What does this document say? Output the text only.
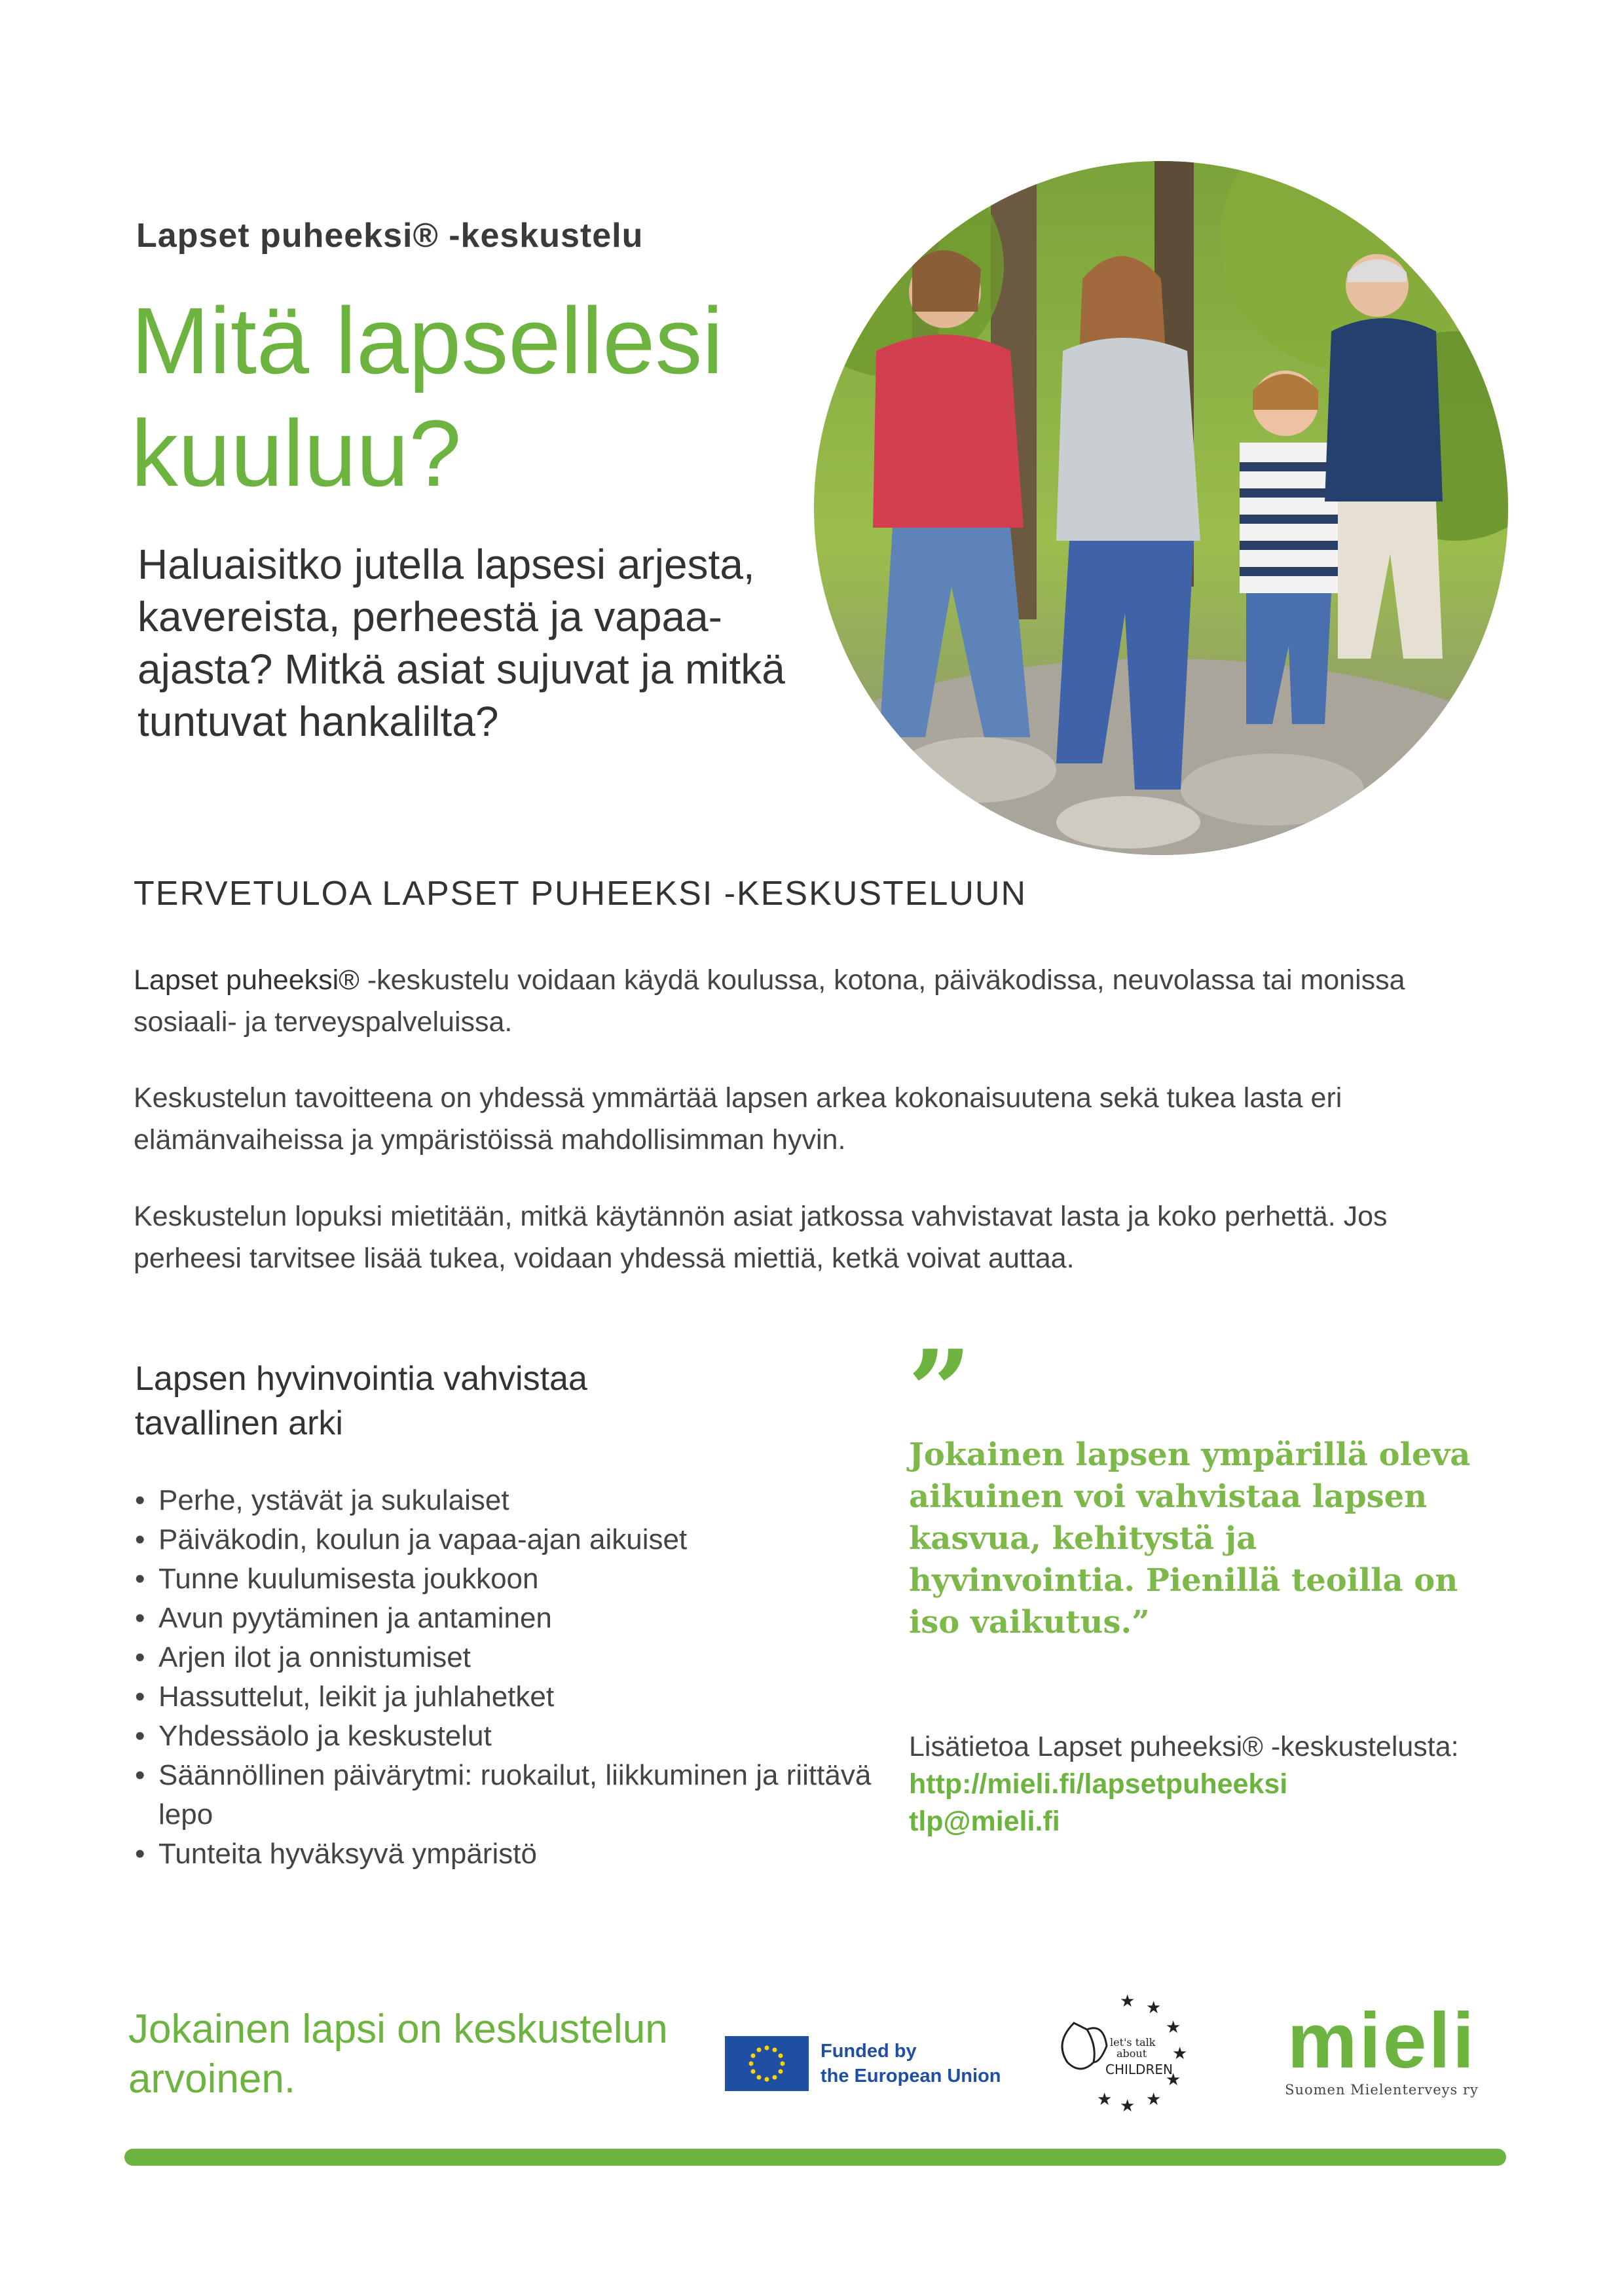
Lapset puheeksi® -keskustelu
Mitä lapsellesi kuuluu?
Haluaisitko jutella lapsesi arjesta, kavereista, perheestä ja vapaa-ajasta? Mitkä asiat sujuvat ja mitkä tuntuvat hankalilta?
TERVETULOA LAPSET PUHEEKSI -KESKUSTELUUN
Lapset puheeksi® -keskustelu voidaan käydä koulussa, kotona, päiväkodissa, neuvolassa tai monissa sosiaali- ja terveyspalveluissa.
Keskustelun tavoitteena on yhdessä ymmärtää lapsen arkea kokonaisuutena sekä tukea lasta eri elämänvaiheissa ja ympäristöissä mahdollisimman hyvin.
Keskustelun lopuksi mietitään, mitkä käytännön asiat jatkossa vahvistavat lasta ja koko perhettä. Jos perheesi tarvitsee lisää tukea, voidaan yhdessä miettiä, ketkä voivat auttaa.
Lapsen hyvinvointia vahvistaa tavallinen arki
• Perhe, ystävät ja sukulaiset
• Päiväkodin, koulun ja vapaa-ajan aikuiset
• Tunne kuulumisesta joukkoon
• Avun pyytäminen ja antaminen
• Arjen ilot ja onnistumiset
• Hassuttelut, leikit ja juhlahetket
• Yhdessäolo ja keskustelut
• Säännöllinen päivärytmi: ruokailut, liikkuminen ja riittävä lepo
• Tunteita hyväksyvä ympäristö
”
Jokainen lapsen ympärillä oleva aikuinen voi vahvistaa lapsen kasvua, kehitystä ja hyvinvointia. Pienillä teoilla on iso vaikutus.”
Lisätietoa Lapset puheeksi® -keskustelusta:
http://mieli.fi/lapsetpuheeksi
tlp@mieli.fi
Jokainen lapsi on keskustelun arvoinen.
Funded by
the European Union
★ ★
★
★
★
★
★
★
let's talk
about
CHILDREN mieli
Suomen Mielenterveys ry
